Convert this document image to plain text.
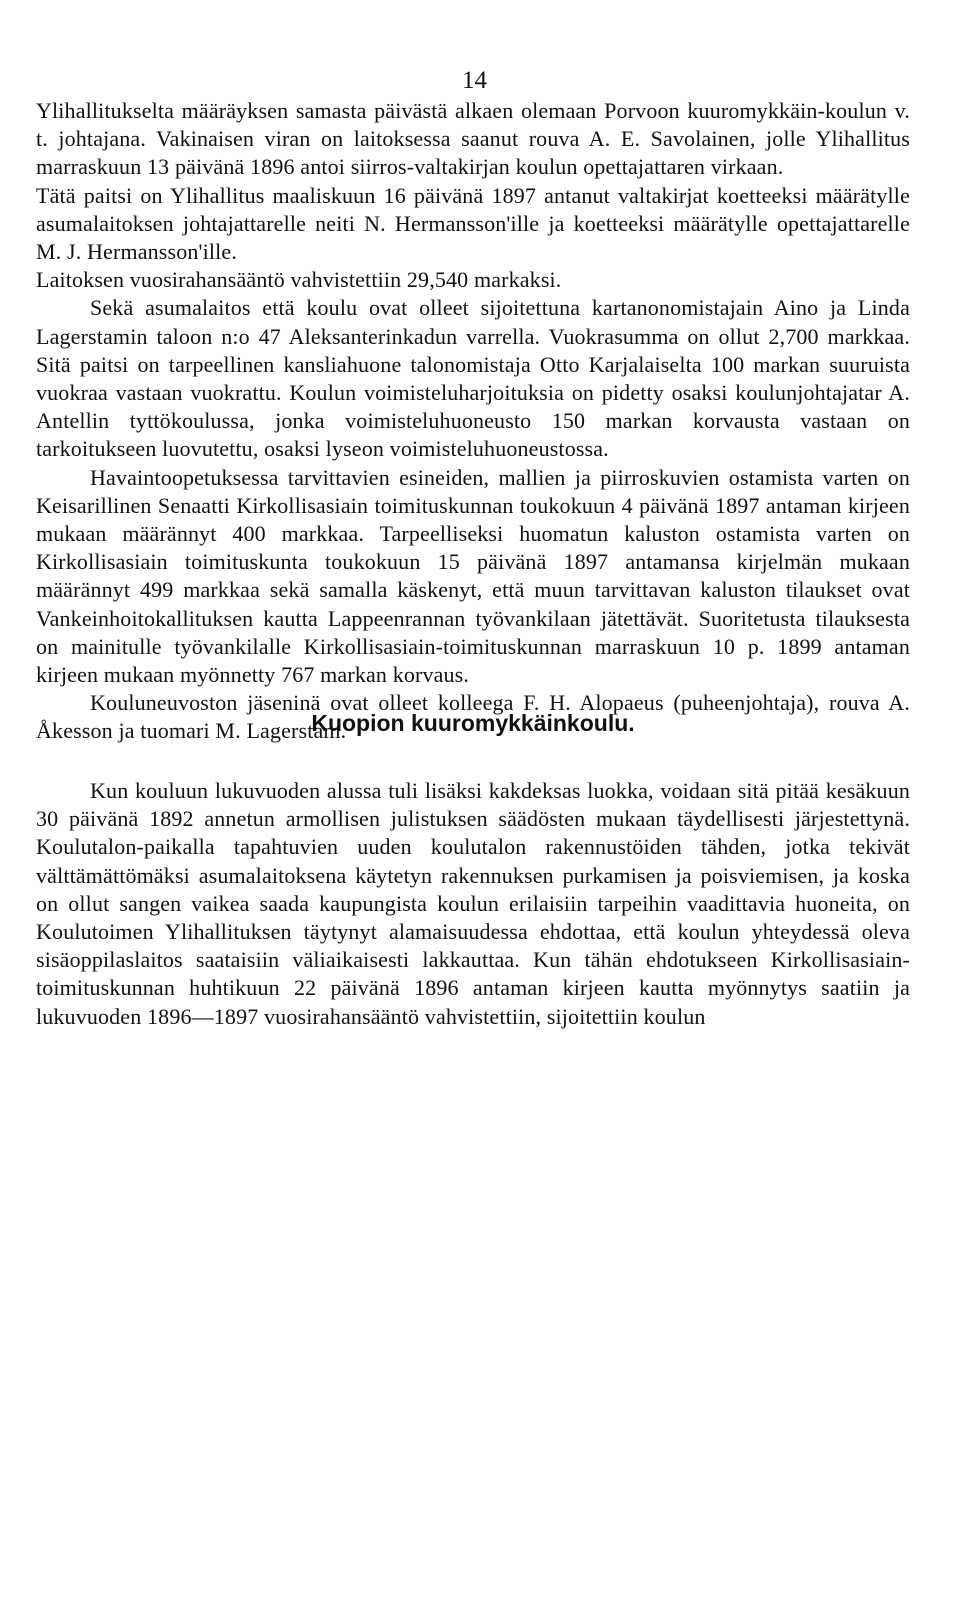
14

Ylihallitukselta määräyksen samasta päivästä alkaen olemaan Porvoon kuuromykkäin-koulun v. t. johtajana. Vakinaisen viran on laitoksessa saanut rouva A. E. Savolainen, jolle Ylihallitus marraskuun 13 päivänä 1896 antoi siirros-valtakirjan koulun opettajattaren virkaan.

Tätä paitsi on Ylihallitus maaliskuun 16 päivänä 1897 antanut valtakirjat koetteeksi määrätylle asumalaitoksen johtajattarelle neiti N. Hermansson'ille ja koetteeksi määrätylle opettajattarelle M. J. Hermansson'ille.

Laitoksen vuosirahansääntö vahvistettiin 29,540 markaksi.

Sekä asumalaitos että koulu ovat olleet sijoitettuna kartanonomistajain Aino ja Linda Lagerstamin taloon n:o 47 Aleksanterinkadun varrella. Vuokrasumma on ollut 2,700 markkaa. Sitä paitsi on tarpeellinen kansliahuone talonomistaja Otto Karjalaiselta 100 markan suuruista vuokraa vastaan vuokrattu. Koulun voimisteluharjoituksia on pidetty osaksi koulunjohtajatar A. Antellin tyttökoulussa, jonka voimisteluhuoneusto 150 markan korvausta vastaan on tarkoitukseen luovutettu, osaksi lyseon voimisteluhuoneustossa.

Havaintoopetuksessa tarvittavien esineiden, mallien ja piirroskuvien ostamista varten on Keisarillinen Senaatti Kirkollisasiain toimituskunnan toukokuun 4 päivänä 1897 antaman kirjeen mukaan määrännyt 400 markkaa. Tarpeelliseksi huomatun kaluston ostamista varten on Kirkollisasiain toimituskunta toukokuun 15 päivänä 1897 antamansa kirjelmän mukaan määrännyt 499 markkaa sekä samalla käskenyt, että muun tarvittavan kaluston tilaukset ovat Vankeinhoitokallituksen kautta Lappeenrannan työvankilaan jätettävät. Suoritetusta tilauksesta on mainitulle työvankilalle Kirkollisasiain-toimituskunnan marraskuun 10 p. 1899 antaman kirjeen mukaan myönnetty 767 markan korvaus.

Kouluneuvoston jäseninä ovat olleet kolleega F. H. Alopaeus (puheenjohtaja), rouva A. Åkesson ja tuomari M. Lagerstam.

Kuopion kuuromykkäinkoulu.

Kun kouluun lukuvuoden alussa tuli lisäksi kakdeksas luokka, voidaan sitä pitää kesäkuun 30 päivänä 1892 annetun armollisen julistuksen säädösten mukaan täydellisesti järjestettynä. Koulutalon-paikalla tapahtuvien uuden koulutalon rakennustöiden tähden, jotka tekivät välttämättömäksi asumalaitoksena käytetyn rakennuksen purkamisen ja poisviemisen, ja koska on ollut sangen vaikea saada kaupungista koulun erilaisiin tarpeihin vaadittavia huoneita, on Koulutoimen Ylihallituksen täytynyt alamaisuudessa ehdottaa, että koulun yhteydessä oleva sisäoppilaslaitos saataisiin väliaikaisesti lakkauttaa. Kun tähän ehdotukseen Kirkollisasiain-toimituskunnan huhtikuun 22 päivänä 1896 antaman kirjeen kautta myönnytys saatiin ja lukuvuoden 1896—1897 vuosirahansääntö vahvistettiin, sijoitettiin koulun
